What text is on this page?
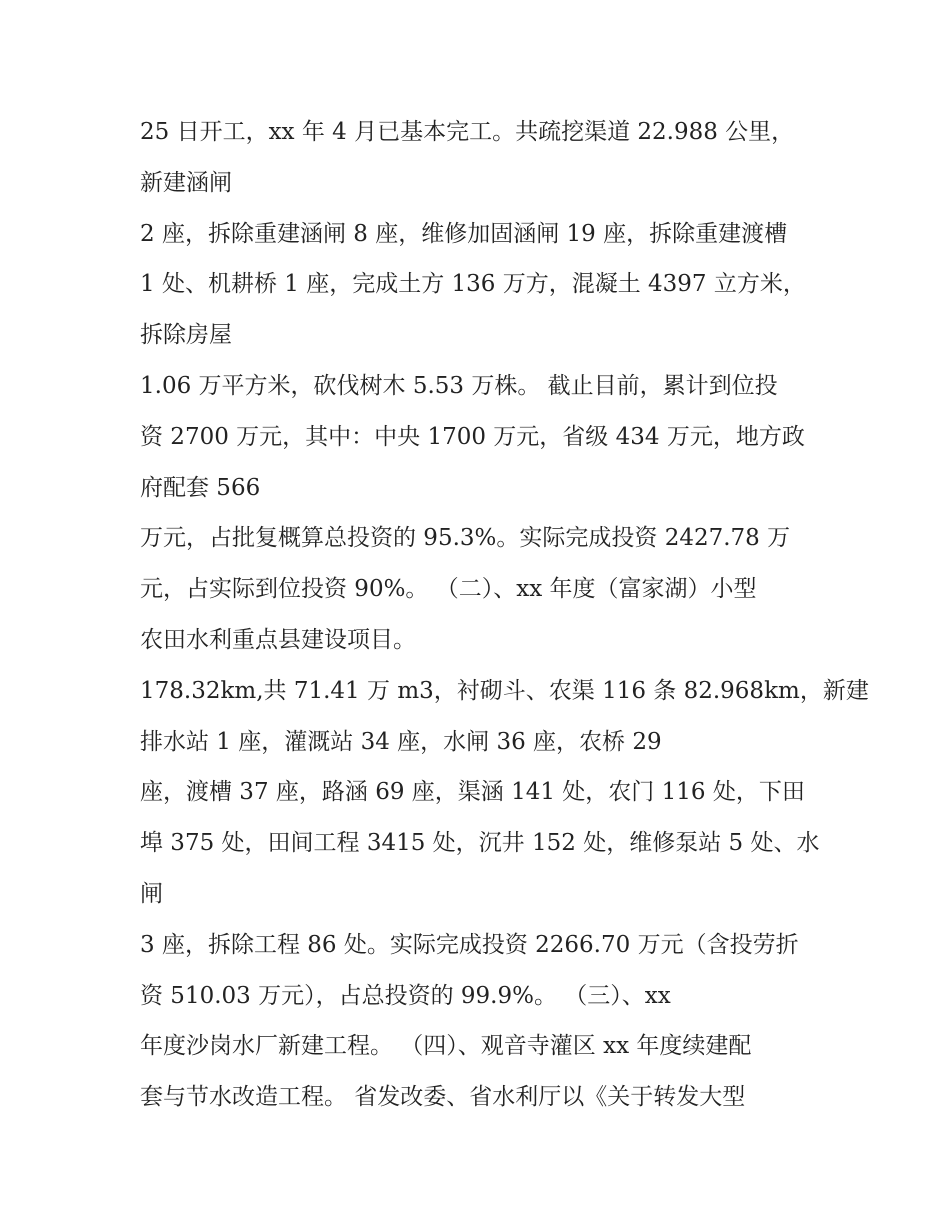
25 日开工，xx 年 4 月已基本完工。共疏挖渠道 22.988 公里，
新建涵闸
2 座，拆除重建涵闸 8 座，维修加固涵闸 19 座，拆除重建渡槽
1 处、机耕桥 1 座，完成土方 136 万方，混凝土 4397 立方米，
拆除房屋
1.06 万平方米，砍伐树木 5.53 万株。 截止目前，累计到位投
资 2700 万元，其中：中央 1700 万元，省级 434 万元，地方政
府配套 566
万元，占批复概算总投资的 95.3%。实际完成投资 2427.78 万
元，占实际到位投资 90%。 （二）、xx 年度（富家湖）小型
农田水利重点县建设项目。
178.32km,共 71.41 万 m3，衬砌斗、农渠 116 条 82.968km，新建
排水站 1 座，灌溉站 34 座，水闸 36 座，农桥 29
座，渡槽 37 座，路涵 69 座，渠涵 141 处，农门 116 处，下田
埠 375 处，田间工程 3415 处，沉井 152 处，维修泵站 5 处、水
闸
3 座，拆除工程 86 处。实际完成投资 2266.70 万元（含投劳折
资 510.03 万元），占总投资的 99.9%。 （三）、xx
年度沙岗水厂新建工程。 （四）、观音寺灌区 xx 年度续建配
套与节水改造工程。 省发改委、省水利厅以《关于转发大型
